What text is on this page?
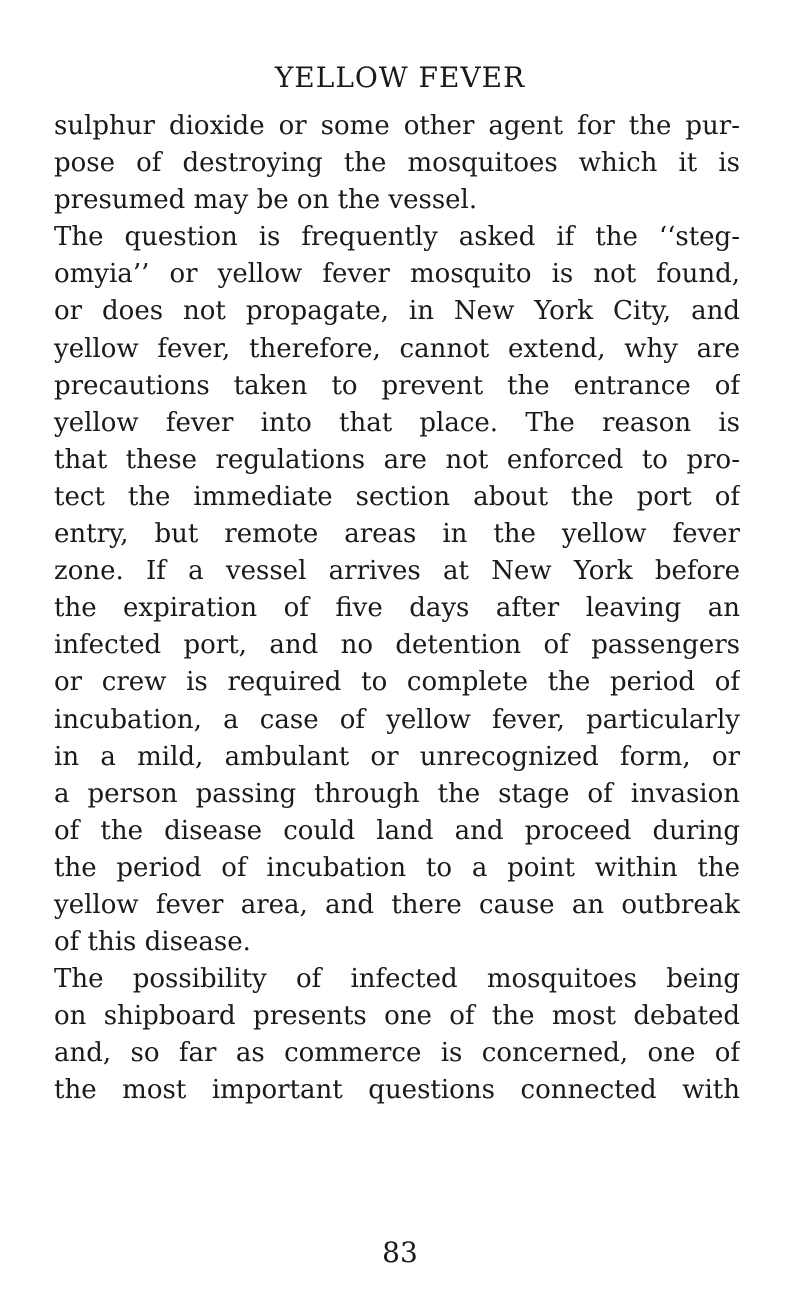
YELLOW FEVER
sulphur dioxide or some other agent for the pur-
pose of destroying the mosquitoes which it is
presumed may be on the vessel.
The question is frequently asked if the ‘‘steg-
omyia’’ or yellow fever mosquito is not found,
or does not propagate, in New York City, and
yellow fever, therefore, cannot extend, why are
precautions taken to prevent the entrance of
yellow fever into that place. The reason is
that these regulations are not enforced to pro-
tect the immediate section about the port of
entry, but remote areas in the yellow fever
zone. If a vessel arrives at New York before
the expiration of five days after leaving an
infected port, and no detention of passengers
or crew is required to complete the period of
incubation, a case of yellow fever, particularly
in a mild, ambulant or unrecognized form, or
a person passing through the stage of invasion
of the disease could land and proceed during
the period of incubation to a point within the
yellow fever area, and there cause an outbreak
of this disease.
The possibility of infected mosquitoes being
on shipboard presents one of the most debated
and, so far as commerce is concerned, one of
the most important questions connected with
83
